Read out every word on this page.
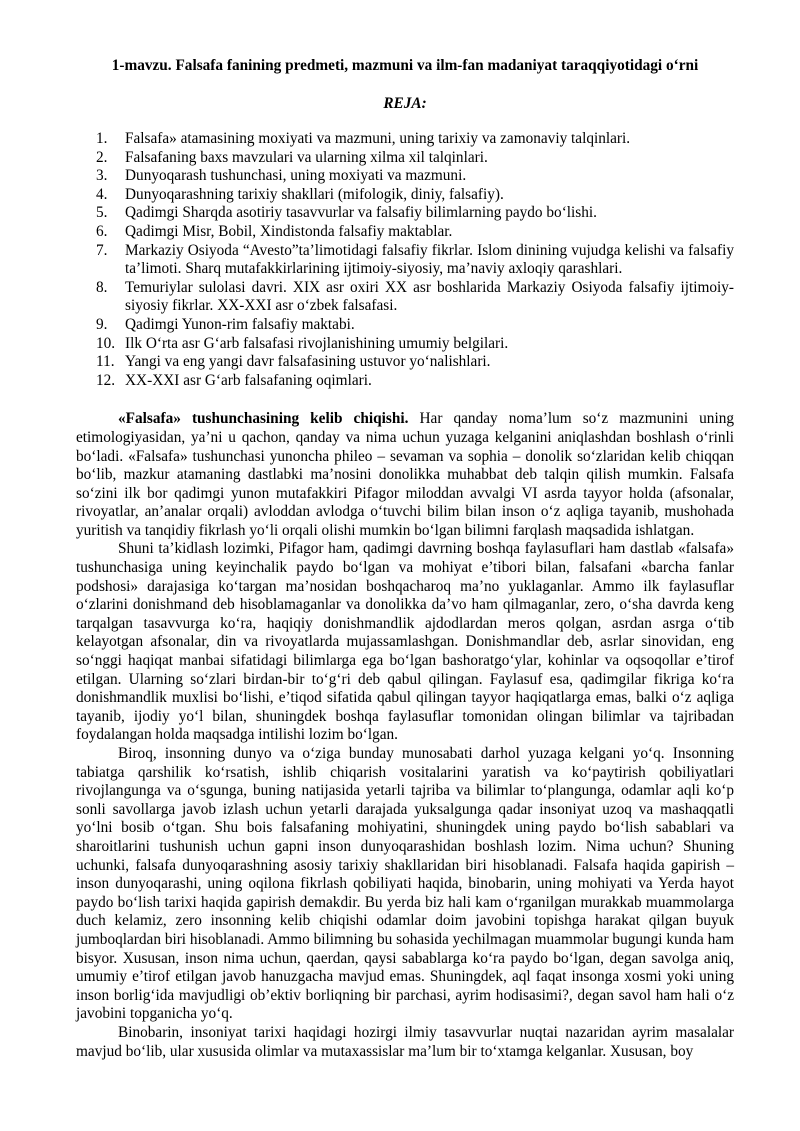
1-mavzu. Falsafa fanining predmeti, mazmuni va ilm-fan madaniyat taraqqiyotidagi o‘rni
REJA:
1.	Falsafa» atamasining moxiyati va mazmuni, uning tarixiy va zamonaviy talqinlari.
2.	Falsafaning baxs mavzulari va ularning xilma xil talqinlari.
3.	Dunyoqarash tushunchasi, uning moxiyati va mazmuni.
4.	Dunyoqarashning tarixiy shakllari (mifologik, diniy, falsafiy).
5.	Qadimgi Sharqda asotiriy tasavvurlar va falsafiy bilimlarning paydo bo‘lishi.
6.	Qadimgi Misr, Bobil, Xindistonda falsafiy maktablar.
7.	Markaziy Osiyoda “Avesto”ta’limotidagi falsafiy fikrlar. Islom dinining vujudga kelishi va falsafiy ta’limoti. Sharq mutafakkirlarining ijtimoiy-siyosiy, ma’naviy axloqiy qarashlari.
8.	Temuriylar sulolasi davri. XIX asr oxiri XX asr boshlarida Markaziy Osiyoda falsafiy ijtimoiy-siyosiy fikrlar. XX-XXI asr o‘zbek falsafasi.
9.	Qadimgi Yunon-rim falsafiy maktabi.
10. Ilk O‘rta asr G‘arb falsafasi rivojlanishining umumiy belgilari.
11. Yangi va eng yangi davr falsafasining ustuvor yo‘nalishlari.
12. XX-XXI asr G‘arb falsafaning oqimlari.

«Falsafa» tushunchasining kelib chiqishi. Har qanday noma’lum so‘z mazmunini uning etimologiyasidan, ya’ni u qachon, qanday va nima uchun yuzaga kelganini aniqlashdan boshlash o‘rinli bo‘ladi. «Falsafa» tushunchasi yunoncha phileo – sevaman va sophia – donolik so‘zlaridan kelib chiqqan bo‘lib, mazkur atamaning dastlabki ma’nosini donolikka muhabbat deb talqin qilish mumkin. Falsafa so‘zini ilk bor qadimgi yunon mutafakkiri Pifagor miloddan avvalgi VI asrda tayyor holda (afsonalar, rivoyatlar, an’analar orqali) avloddan avlodga o‘tuvchi bilim bilan inson o‘z aqliga tayanib, mushohada yuritish va tanqidiy fikrlash yo‘li orqali olishi mumkin bo‘lgan bilimni farqlash maqsadida ishlatgan.

Shuni ta’kidlash lozimki, Pifagor ham, qadimgi davrning boshqa faylasuflari ham dastlab «falsafa» tushunchasiga uning keyinchalik paydo bo‘lgan va mohiyat e’tibori bilan, falsafani «barcha fanlar podshosi» darajasiga ko‘targan ma’nosidan boshqacharoq ma’no yuklaganlar. Ammo ilk faylasuflar o‘zlarini donishmand deb hisoblamaganlar va donolikka da’vo ham qilmaganlar, zero, o‘sha davrda keng tarqalgan tasavvurga ko‘ra, haqiqiy donishmandlik ajdodlardan meros qolgan, asrdan asrga o‘tib kelayotgan afsonalar, din va rivoyatlarda mujassamlashgan. Donishmandlar deb, asrlar sinovidan, eng so‘nggi haqiqat manbai sifatidagi bilimlarga ega bo‘lgan bashoratgo‘ylar, kohinlar va oqsoqollar e’tirof etilgan. Ularning so‘zlari birdan-bir to‘g‘ri deb qabul qilingan. Faylasuf esa, qadimgilar fikriga ko‘ra donishmandlik muxlisi bo‘lishi, e’tiqod sifatida qabul qilingan tayyor haqiqatlarga emas, balki o‘z aqliga tayanib, ijodiy yo‘l bilan, shuningdek boshqa faylasuflar tomonidan olingan bilimlar va tajribadan foydalangan holda maqsadga intilishi lozim bo‘lgan.

Biroq, insonning dunyo va o‘ziga bunday munosabati darhol yuzaga kelgani yo‘q. Insonning tabiatga qarshilik ko‘rsatish, ishlib chiqarish vositalarini yaratish va ko‘paytirish qobiliyatlari rivojlangunga va o‘sgunga, buning natijasida yetarli tajriba va bilimlar to‘plangunga, odamlar aqli ko‘p sonli savollarga javob izlash uchun yetarli darajada yuksalgunga qadar insoniyat uzoq va mashaqqatli yo‘lni bosib o‘tgan. Shu bois falsafaning mohiyatini, shuningdek uning paydo bo‘lish sabablari va sharoitlarini tushunish uchun gapni inson dunyoqarashidan boshlash lozim. Nima uchun? Shuning uchunki, falsafa dunyoqarashning asosiy tarixiy shakllaridan biri hisoblanadi. Falsafa haqida gapirish – inson dunyoqarashi, uning oqilona fikrlash qobiliyati haqida, binobarin, uning mohiyati va Yerda hayot paydo bo‘lish tarixi haqida gapirish demakdir. Bu yerda biz hali kam o‘rganilgan murakkab muammolarga duch kelamiz, zero insonning kelib chiqishi odamlar doim javobini topishga harakat qilgan buyuk jumboqlardan biri hisoblanadi. Ammo bilimning bu sohasida yechilmagan muammolar bugungi kunda ham bisyor. Xususan, inson nima uchun, qaerdan, qaysi sabablarga ko‘ra paydo bo‘lgan, degan savolga aniq, umumiy e’tirof etilgan javob hanuzgacha mavjud emas. Shuningdek, aql faqat insonga xosmi yoki uning inson borlig‘ida mavjudligi ob’ektiv borliqning bir parchasi, ayrim hodisasimi?, degan savol ham hali o‘z javobini topganicha yo‘q.

Binobarin, insoniyat tarixi haqidagi hozirgi ilmiy tasavvurlar nuqtai nazaridan ayrim masalalar mavjud bo‘lib, ular xususida olimlar va mutaxassislar ma’lum bir to‘xtamga kelganlar. Xususan, boy
